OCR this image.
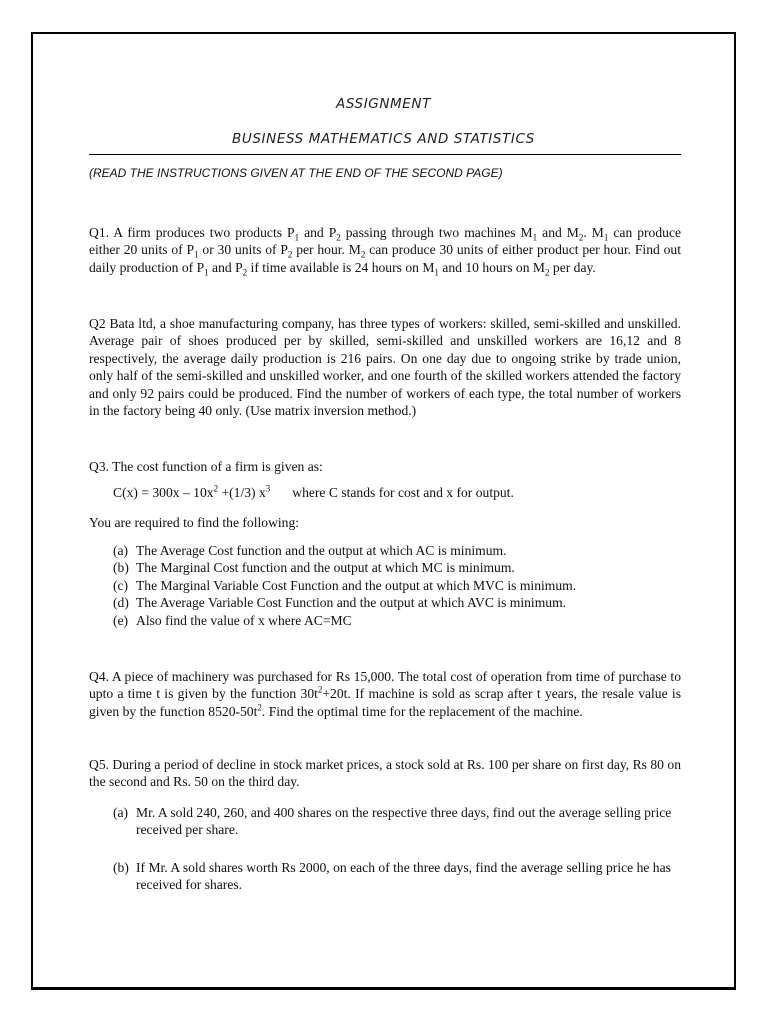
ASSIGNMENT
BUSINESS MATHEMATICS AND STATISTICS
(READ THE INSTRUCTIONS GIVEN AT THE END OF THE SECOND PAGE)

Q1. A firm produces two products $P_1$ and $P_2$ passing through two machines $M_1$ and $M_2$. $M_1$ can produce either 20 units of $P_1$ or 30 units of $P_2$ per hour. $M_2$ can produce 30 units of either product per hour. Find out daily production of $P_1$ and $P_2$ if time available is 24 hours on $M_1$ and 10 hours on $M_2$ per day.

Q2 Bata ltd, a shoe manufacturing company, has three types of workers: skilled, semi-skilled and unskilled. Average pair of shoes produced per by skilled, semi-skilled and unskilled workers are 16,12 and 8 respectively, the average daily production is 216 pairs. On one day due to ongoing strike by trade union, only half of the semi-skilled and unskilled worker, and one fourth of the skilled workers attended the factory and only 92 pairs could be produced. Find the number of workers of each type, the total number of workers in the factory being 40 only. (Use matrix inversion method.)

Q3. The cost function of a firm is given as:
$C(x) = 300x - 10x^2 +(1/3)$ $x^3$ where C stands for cost and x for output.
You are required to find the following:
(a) The Average Cost function and the output at which AC is minimum.
(b) The Marginal Cost function and the output at which MC is minimum.
(c) The Marginal Variable Cost Function and the output at which MVC is minimum.
(d) The Average Variable Cost Function and the output at which AVC is minimum.
(e) Also find the value of x where AC=MC

Q4. A piece of machinery was purchased for Rs 15,000. The total cost of operation from time of purchase to upto a time t is given by the function $30t^2+20t$. If machine is sold as scrap after t years, the resale value is given by the function $8520-50t^2$. Find the optimal time for the replacement of the machine.

Q5. During a period of decline in stock market prices, a stock sold at Rs. 100 per share on first day, Rs 80 on the second and Rs. 50 on the third day.

(a) Mr. A sold 240, 260, and 400 shares on the respective three days, find out the average selling price received per share.
(b) If Mr. A sold shares worth Rs 2000, on each of the three days, find the average selling price he has received for shares.
